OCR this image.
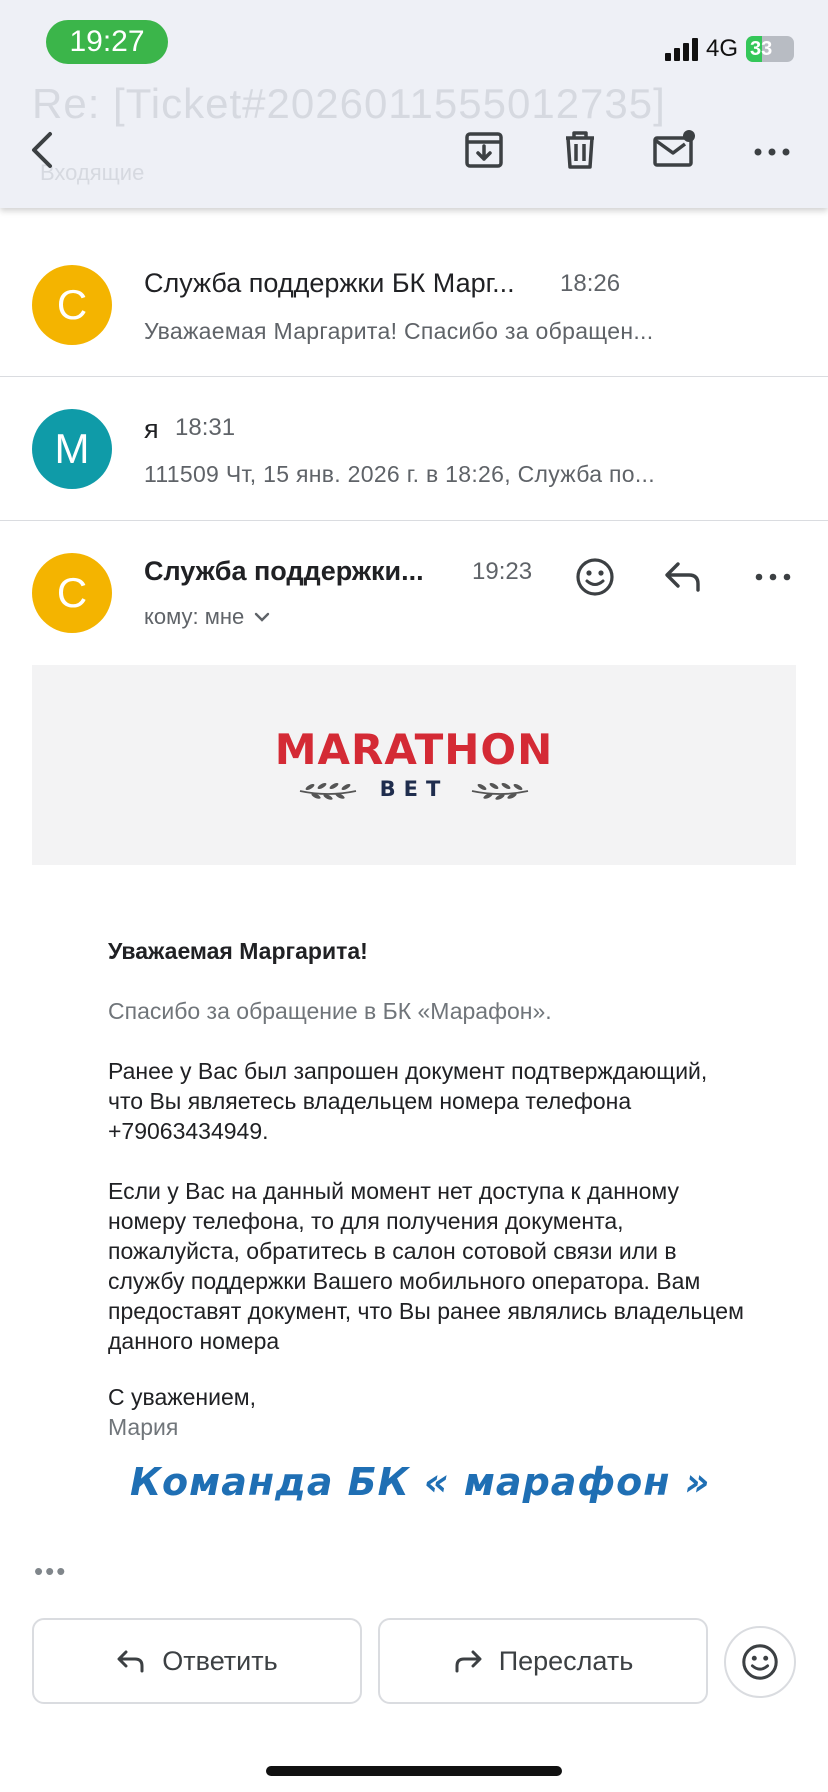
Re: [Ticket#2026011555012735]
Входящие
19:27	4G 33
С	Служба поддержки БК Марг... 18:26
Уважаемая Маргарита! Спасибо за обращен...
М	я 18:31
111509 Чт, 15 янв. 2026 г. в 18:26, Служба по...
С	Служба поддержки... 19:23
кому: мне
MARATHON
BET
Уважаемая Маргарита!
Спасибо за обращение в БК «Марафон».
Ранее у Вас был запрошен документ подтверждающий, что Вы являетесь владельцем номера телефона    +79063434949.
Если у Вас на данный момент нет доступа к данному номеру телефона, то для получения документа, пожалуйста, обратитесь в салон сотовой связи или в службу поддержки Вашего мобильного оператора. Вам предоставят документ, что Вы ранее являлись владельцем данного номера
С уважением,
Мария
Команда БК « марафон »
•••
Ответить	Переслать
